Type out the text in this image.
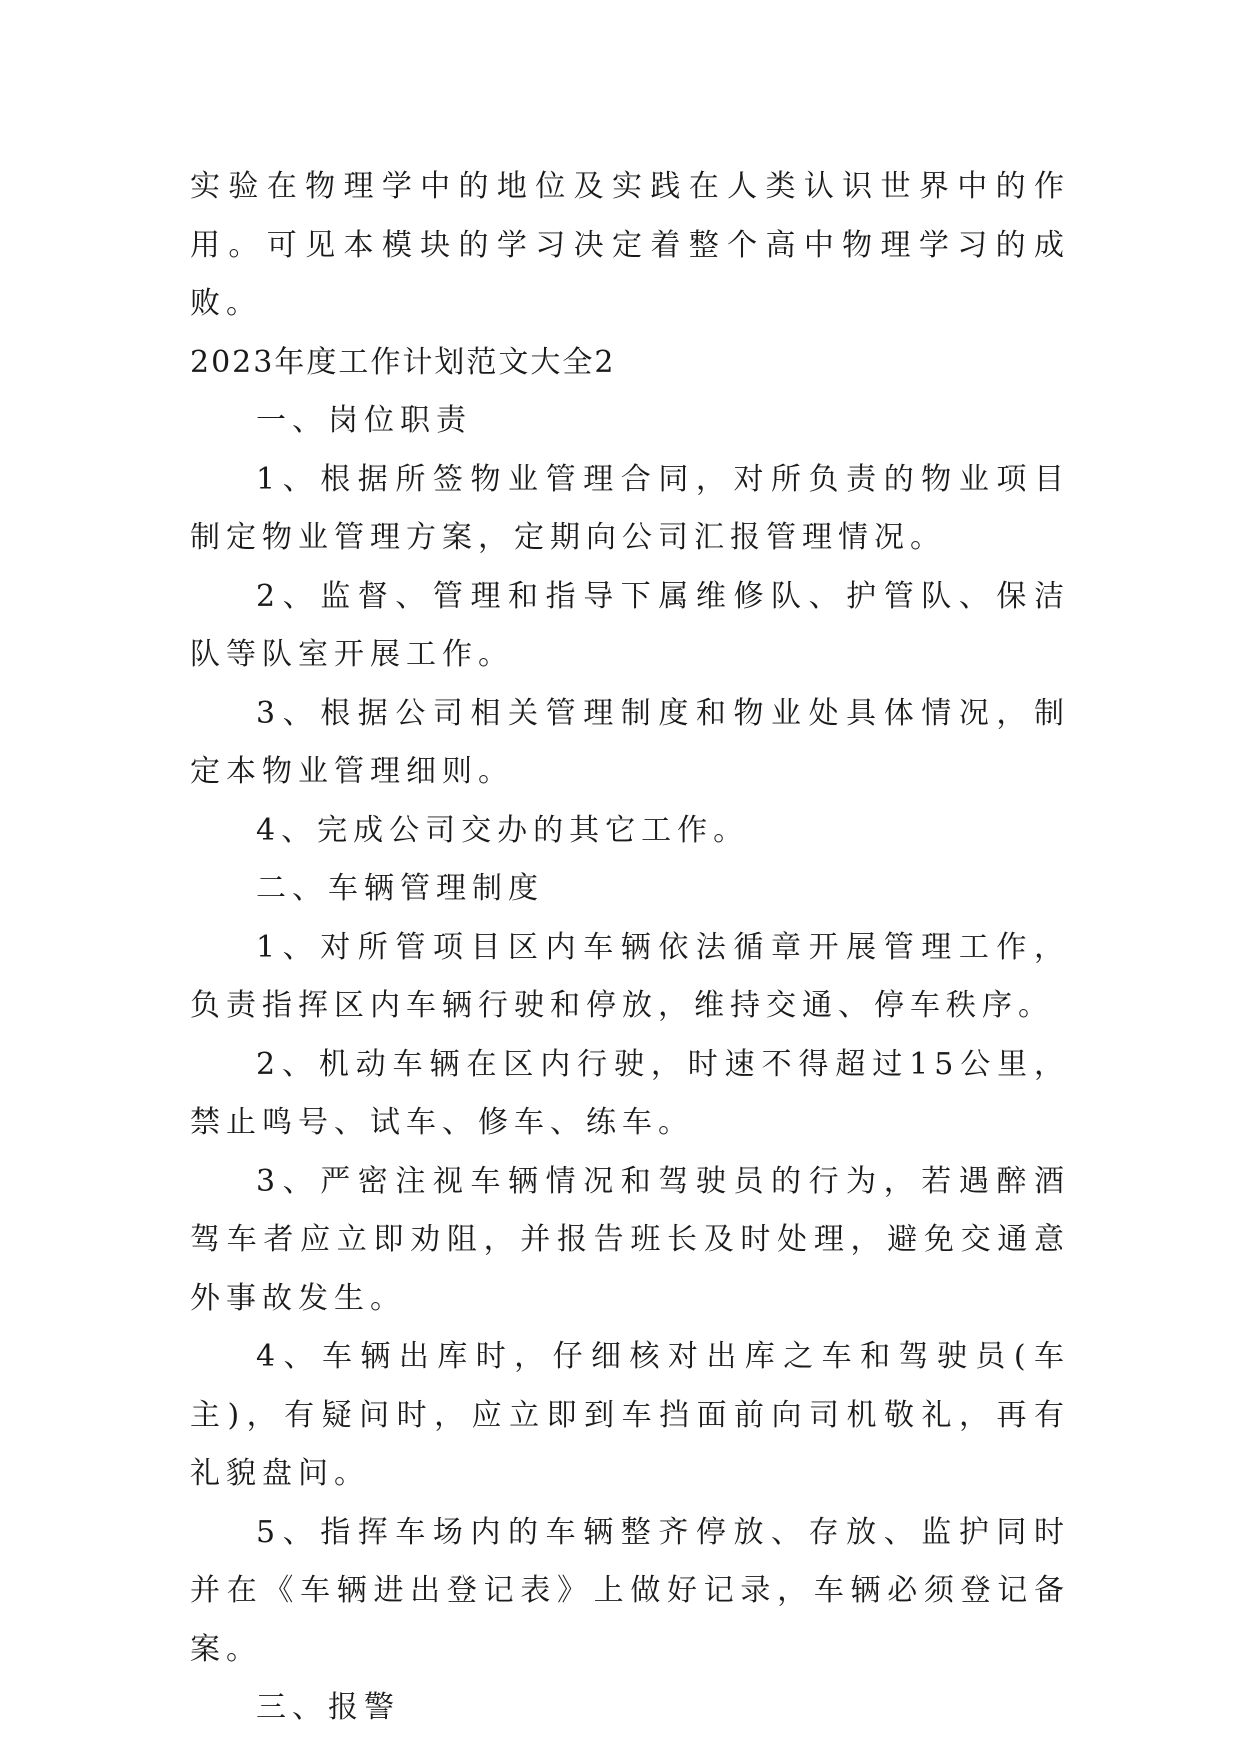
实验在物理学中的地位及实践在人类认识世界中的作用。可见本模块的学习决定着整个高中物理学习的成败。

2023年度工作计划范文大全2

一、岗位职责

1、根据所签物业管理合同，对所负责的物业项目制定物业管理方案，定期向公司汇报管理情况。

2、监督、管理和指导下属维修队、护管队、保洁队等队室开展工作。

3、根据公司相关管理制度和物业处具体情况，制定本物业管理细则。

4、完成公司交办的其它工作。

二、车辆管理制度

1、对所管项目区内车辆依法循章开展管理工作，负责指挥区内车辆行驶和停放，维持交通、停车秩序。

2、机动车辆在区内行驶，时速不得超过15公里，禁止鸣号、试车、修车、练车。

3、严密注视车辆情况和驾驶员的行为，若遇醉酒驾车者应立即劝阻，并报告班长及时处理，避免交通意外事故发生。

4、车辆出库时，仔细核对出库之车和驾驶员(车主)，有疑问时，应立即到车挡面前向司机敬礼，再有礼貌盘问。

5、指挥车场内的车辆整齐停放、存放、监护同时并在《车辆进出登记表》上做好记录，车辆必须登记备案。

三、报警
